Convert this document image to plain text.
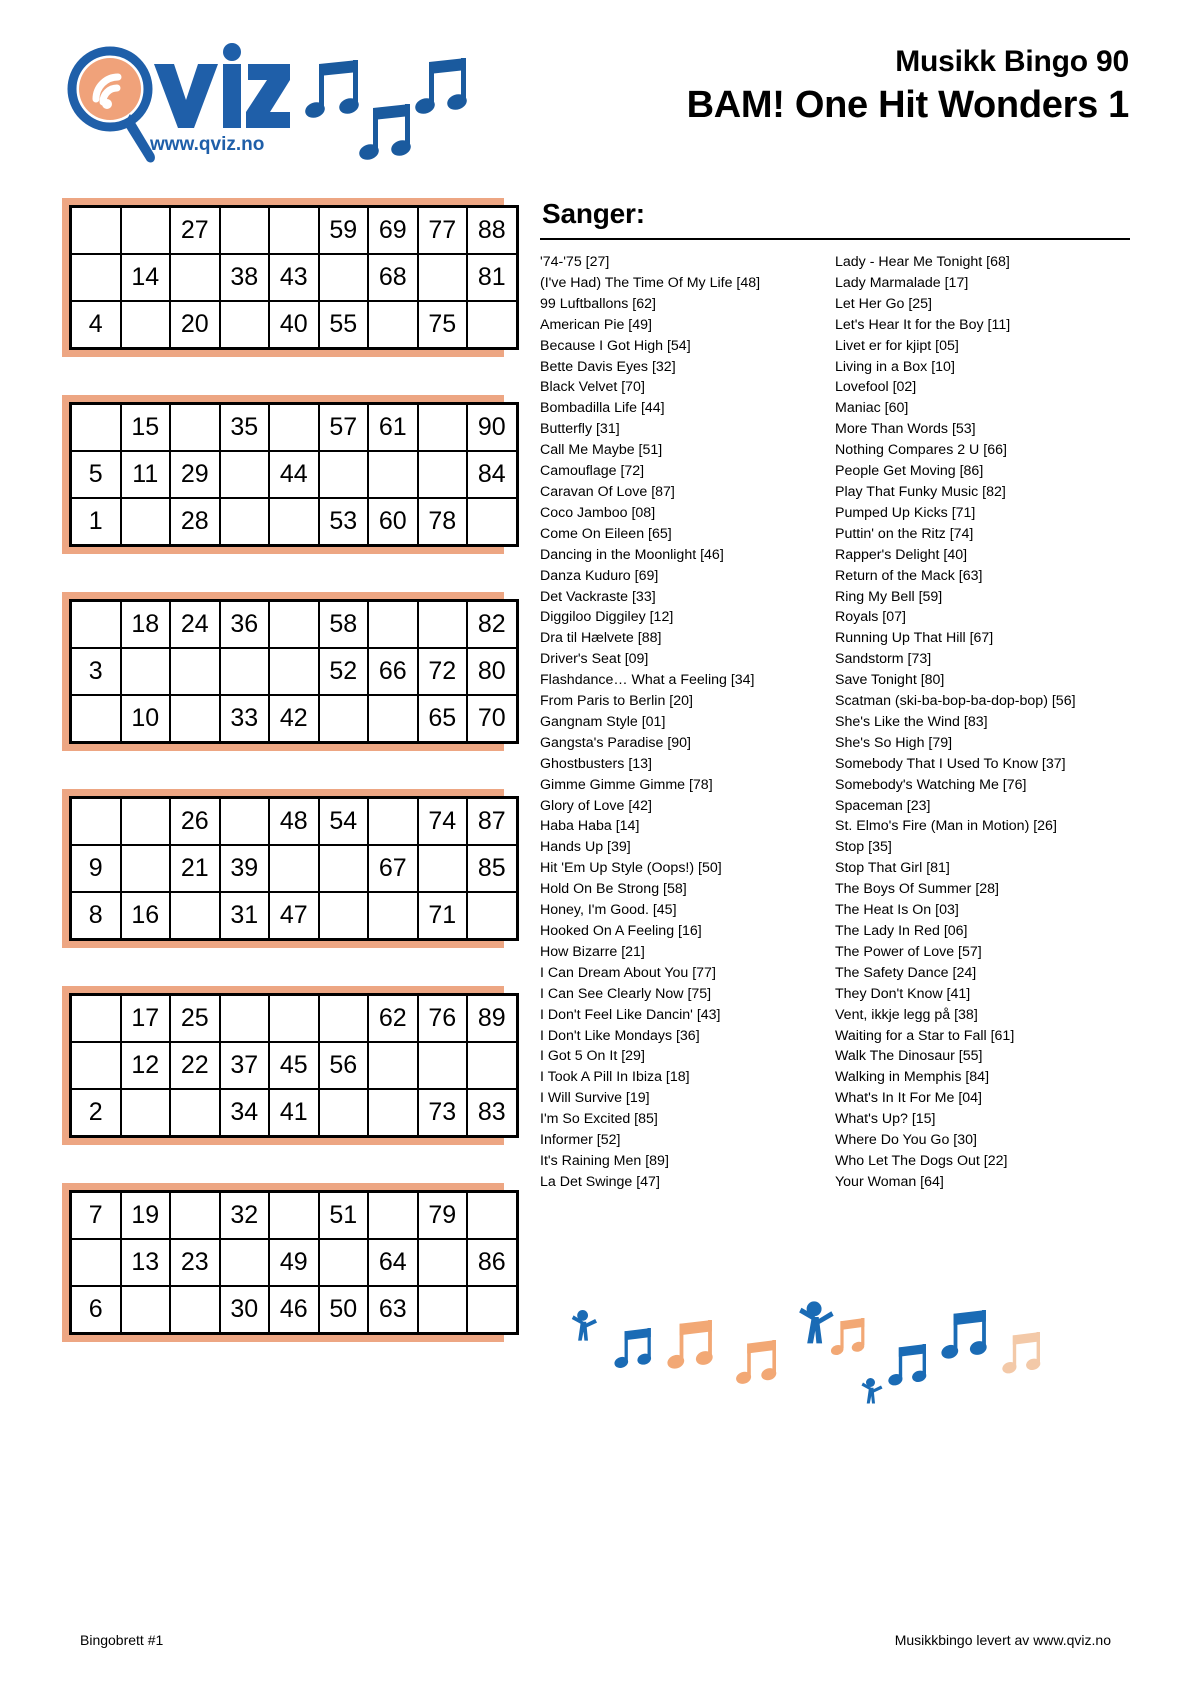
www.qviz.no
Musikk Bingo 90
BAM! One Hit Wonders 1
		27			59	69	77	88
	14		38	43		68		81
4		20		40	55		75	
	15		35		57	61		90
5	11	29		44				84
1		28			53	60	78	
	18	24	36		58			82
3					52	66	72	80
	10		33	42			65	70
		26		48	54		74	87
9		21	39			67		85
8	16		31	47			71	
	17	25				62	76	89
	12	22	37	45	56			
2			34	41			73	83
7	19		32		51		79	
	13	23		49		64		86
6			30	46	50	63		
Sanger:
'74-'75 [27]
(I've Had) The Time Of My Life [48]
99 Luftballons [62]
American Pie [49]
Because I Got High [54]
Bette Davis Eyes [32]
Black Velvet [70]
Bombadilla Life [44]
Butterfly [31]
Call Me Maybe [51]
Camouflage [72]
Caravan Of Love [87]
Coco Jamboo [08]
Come On Eileen [65]
Dancing in the Moonlight [46]
Danza Kuduro [69]
Det Vackraste [33]
Diggiloo Diggiley [12]
Dra til Hælvete [88]
Driver's Seat [09]
Flashdance… What a Feeling [34]
From Paris to Berlin [20]
Gangnam Style [01]
Gangsta's Paradise [90]
Ghostbusters [13]
Gimme Gimme Gimme [78]
Glory of Love [42]
Haba Haba [14]
Hands Up [39]
Hit 'Em Up Style (Oops!) [50]
Hold On Be Strong [58]
Honey, I'm Good. [45]
Hooked On A Feeling [16]
How Bizarre [21]
I Can Dream About You [77]
I Can See Clearly Now [75]
I Don't Feel Like Dancin' [43]
I Don't Like Mondays [36]
I Got 5 On It [29]
I Took A Pill In Ibiza [18]
I Will Survive [19]
I'm So Excited [85]
Informer [52]
It's Raining Men [89]
La Det Swinge [47]
Lady - Hear Me Tonight [68]
Lady Marmalade [17]
Let Her Go [25]
Let's Hear It for the Boy [11]
Livet er for kjipt [05]
Living in a Box [10]
Lovefool [02]
Maniac [60]
More Than Words [53]
Nothing Compares 2 U [66]
People Get Moving [86]
Play That Funky Music [82]
Pumped Up Kicks [71]
Puttin' on the Ritz [74]
Rapper's Delight [40]
Return of the Mack [63]
Ring My Bell [59]
Royals [07]
Running Up That Hill [67]
Sandstorm [73]
Save Tonight [80]
Scatman (ski-ba-bop-ba-dop-bop) [56]
She's Like the Wind [83]
She's So High [79]
Somebody That I Used To Know [37]
Somebody's Watching Me [76]
Spaceman [23]
St. Elmo's Fire (Man in Motion) [26]
Stop [35]
Stop That Girl [81]
The Boys Of Summer [28]
The Heat Is On [03]
The Lady In Red [06]
The Power of Love [57]
The Safety Dance [24]
They Don't Know [41]
Vent, ikkje legg på [38]
Waiting for a Star to Fall [61]
Walk The Dinosaur [55]
Walking in Memphis [84]
What's In It For Me [04]
What's Up? [15]
Where Do You Go [30]
Who Let The Dogs Out [22]
Your Woman [64]
Bingobrett #1	Musikkbingo levert av www.qviz.no
